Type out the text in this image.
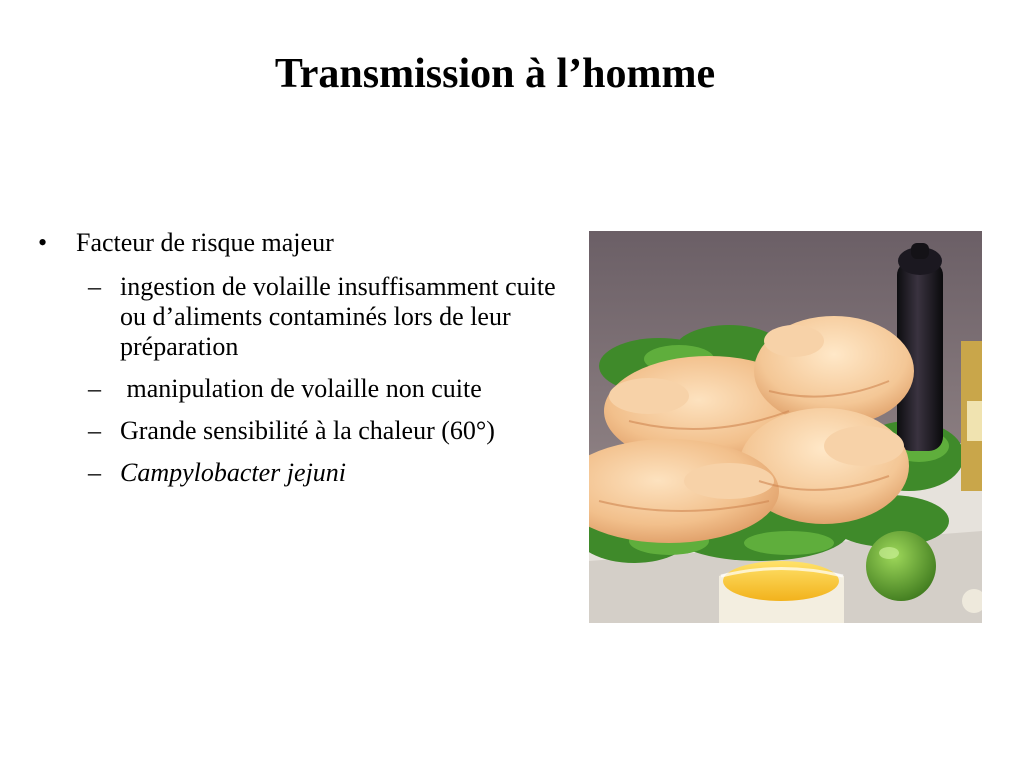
Transmission à l’homme
• Facteur de risque majeur
– ingestion de volaille insuffisamment cuite ou d’aliments contaminés lors de leur préparation
– manipulation de volaille non cuite
– Grande sensibilité à la chaleur (60°)
– Campylobacter jejuni
